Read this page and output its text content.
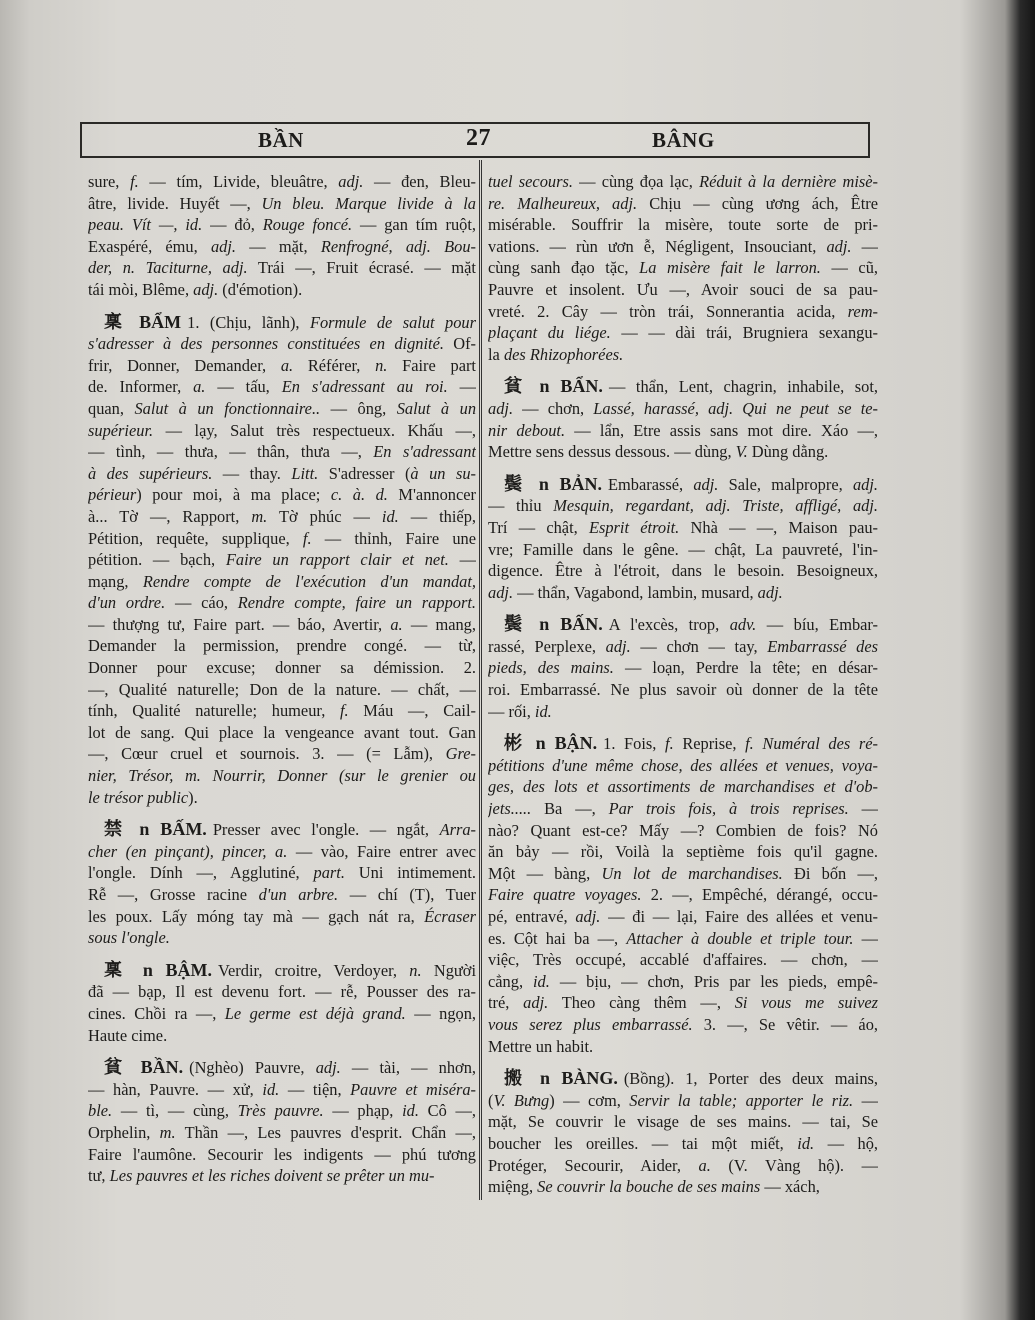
BẦN	27	BÂNG
sure, f. — tím, Livide, bleuâtre, adj. — đen, Bleu-
âtre, livide. Huyết —, Un bleu. Marque livide à la
peau. Vít —, id. — đỏ, Rouge foncé. — gan tím ruột,
Exaspéré, ému, adj. — mặt, Renfrogné, adj. Bou-
der, n. Taciturne, adj. Trái —, Fruit écrasé. — mặt
tái mòi, Blême, adj. (d'émotion).
稟 BẨM 1. (Chịu, lãnh), Formule de salut pour
s'adresser à des personnes constituées en dignité. Of-
frir, Donner, Demander, a. Référer, n. Faire part
de. Informer, a. — tấu, En s'adressant au roi. —
quan, Salut à un fonctionnaire.. — ông, Salut à un
supérieur. — lạy, Salut très respectueux. Khấu —,
— tình, — thưa, — thân, thưa —, En s'adressant
à des supérieurs. — thay. Litt. S'adresser (à un su-
périeur) pour moi, à ma place; c. à. d. M'annoncer
à... Tờ —, Rapport, m. Tờ phúc — id. — thiếp,
Pétition, requête, supplique, f. — thỉnh, Faire une
pétition. — bạch, Faire un rapport clair et net. —
mạng, Rendre compte de l'exécution d'un mandat,
d'un ordre. — cáo, Rendre compte, faire un rapport.
— thượng tư, Faire part. — báo, Avertir, a. — mang,
Demander la permission, prendre congé. — từ,
Donner pour excuse; donner sa démission. 2.
—, Qualité naturelle; Don de la nature. — chất, —
tính, Qualité naturelle; humeur, f. Máu —, Cail-
lot de sang. Qui place la vengeance avant tout. Gan
—, Cœur cruel et sournois. 3. — (= Lẫm), Gre-
nier, Trésor, m. Nourrir, Donner (sur le grenier ou
le trésor public).
禁 n BẤM. Presser avec l'ongle. — ngắt, Arra-
cher (en pinçant), pincer, a. — vào, Faire entrer avec
l'ongle. Dính —, Agglutiné, part. Uni intimement.
Rễ —, Grosse racine d'un arbre. — chí (T), Tuer
les poux. Lấy móng tay mà — gạch nát ra, Écraser
sous l'ongle.
稟 n BẬM. Verdir, croitre, Verdoyer, n. Người
đã — bạp, Il est devenu fort. — rễ, Pousser des ra-
cines. Chồi ra —, Le germe est déjà grand. — ngọn,
Haute cime.
貧 BẦN. (Nghèo) Pauvre, adj. — tài, — nhơn,
— hàn, Pauvre. — xử, id. — tiện, Pauvre et miséra-
ble. — tì, — cùng, Très pauvre. — phạp, id. Cô —,
Orphelin, m. Thần —, Les pauvres d'esprit. Chẩn —,
Faire l'aumône. Secourir les indigents — phú tương
tư, Les pauvres et les riches doivent se prêter un mu-
tuel secours. — cùng đọa lạc, Réduit à la dernière misè-
re. Malheureux, adj. Chịu — cùng ương ách, Être
misérable. Souffrir la misère, toute sorte de pri-
vations. — rùn ươn ễ, Négligent, Insouciant, adj. —
cùng sanh đạo tặc, La misère fait le larron. — cũ,
Pauvre et insolent. Ưu —, Avoir souci de sa pau-
vreté. 2. Cây — tròn trái, Sonnerantia acida, rem-
plaçant du liége. — — dài trái, Brugniera sexangu-
la des Rhizophorées.
貧 n BẨN. — thẩn, Lent, chagrin, inhabile, sot,
adj. — chơn, Lassé, harassé, adj. Qui ne peut se te-
nir debout. — lẩn, Etre assis sans mot dire. Xáo —,
Mettre sens dessus dessous. — dùng, V. Dùng dằng.
鬓 n BẢN. Embarassé, adj. Sale, malpropre, adj.
— thỉu Mesquin, regardant, adj. Triste, affligé, adj.
Trí — chật, Esprit étroit. Nhà — —, Maison pau-
vre; Famille dans le gêne. — chật, La pauvreté, l'in-
digence. Être à l'étroit, dans le besoin. Besoigneux,
adj. — thẩn, Vagabond, lambin, musard, adj.
鬓 n BẤN. A l'excès, trop, adv. — bíu, Embar-
rassé, Perplexe, adj. — chơn — tay, Embarrassé des
pieds, des mains. — loạn, Perdre la tête; en désar-
roi. Embarrassé. Ne plus savoir où donner de la tête
— rối, id.
彬 n BẬN. 1. Fois, f. Reprise, f. Numéral des ré-
pétitions d'une même chose, des allées et venues, voya-
ges, des lots et assortiments de marchandises et d'ob-
jets..... Ba —, Par trois fois, à trois reprises. —
nào? Quant est-ce? Mấy —? Combien de fois? Nó
ăn bảy — rồi, Voilà la septième fois qu'il gagne.
Một — bàng, Un lot de marchandises. Đi bốn —,
Faire quatre voyages. 2. —, Empêché, dérangé, occu-
pé, entravé, adj. — đi — lại, Faire des allées et venu-
es. Cột hai ba —, Attacher à double et triple tour. —
việc, Très occupé, accablé d'affaires. — chơn, —
cẳng, id. — bịu, — chơn, Pris par les pieds, empê-
tré, adj. Theo càng thêm —, Si vous me suivez
vous serez plus embarrassé. 3. —, Se vêtir. — áo,
Mettre un habit.
搬 n BÀNG. (Bồng). 1, Porter des deux mains,
(V. Bưng) — cơm, Servir la table; apporter le riz. —
mặt, Se couvrir le visage de ses mains. — tai, Se
boucher les oreilles. — tai một miết, id. — hộ,
Protéger, Secourir, Aider, a. (V. Vàng hộ). —
miệng, Se couvrir la bouche de ses mains — xách,
